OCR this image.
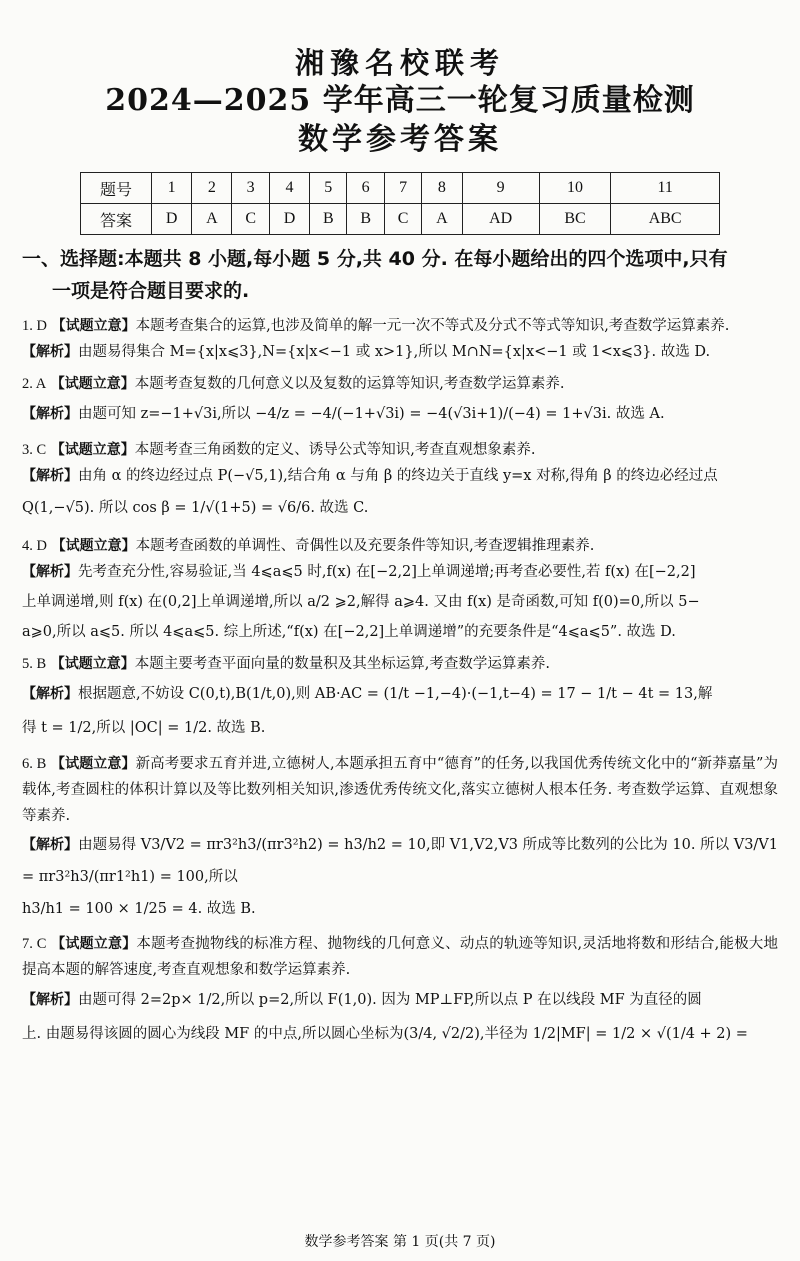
湘豫名校联考
2024—2025 学年高三一轮复习质量检测
数学参考答案
题号	1	2	3	4	5	6	7	8	9	10	11
答案	D	A	C	D	B	B	C	A	AD	BC	ABC
一、选择题:本题共 8 小题,每小题 5 分,共 40 分. 在每小题给出的四个选项中,只有
一项是符合题目要求的.
1. D 【试题立意】本题考查集合的运算,也涉及简单的解一元一次不等式及分式不等式等知识,考查数学运算素养.
【解析】由题易得集合 M={x|x⩽3},N={x|x<−1 或 x>1},所以 M∩N={x|x<−1 或 1<x⩽3}. 故选 D.
2. A 【试题立意】本题考查复数的几何意义以及复数的运算等知识,考查数学运算素养.
【解析】由题可知 z=−1+√3i,所以 −4/z = −4/(−1+√3i) = −4(√3i+1)/(−4) = 1+√3i. 故选 A.
3. C 【试题立意】本题考查三角函数的定义、诱导公式等知识,考查直观想象素养.
【解析】由角 α 的终边经过点 P(−√5,1),结合角 α 与角 β 的终边关于直线 y=x 对称,得角 β 的终边必经过点
Q(1,−√5). 所以 cos β = 1/√(1+5) = √6/6. 故选 C.
4. D 【试题立意】本题考查函数的单调性、奇偶性以及充要条件等知识,考查逻辑推理素养.
【解析】先考查充分性,容易验证,当 4⩽a⩽5 时,f(x) 在[−2,2]上单调递增;再考查必要性,若 f(x) 在[−2,2]
上单调递增,则 f(x) 在(0,2]上单调递增,所以 a/2 ⩾2,解得 a⩾4. 又由 f(x) 是奇函数,可知 f(0)=0,所以 5−
a⩾0,所以 a⩽5. 所以 4⩽a⩽5. 综上所述,“f(x) 在[−2,2]上单调递增”的充要条件是“4⩽a⩽5”. 故选 D.
5. B 【试题立意】本题主要考查平面向量的数量积及其坐标运算,考查数学运算素养.
【解析】根据题意,不妨设 C(0,t),B(1/t,0),则 AB·AC = (1/t −1,−4)·(−1,t−4) = 17 − 1/t − 4t = 13,解
得 t = 1/2,所以 |OC| = 1/2. 故选 B.
6. B 【试题立意】新高考要求五育并进,立德树人,本题承担五育中“德育”的任务,以我国优秀传统文化中的“新莽嘉量”为载体,考查圆柱的体积计算以及等比数列相关知识,渗透优秀传统文化,落实立德树人根本任务. 考查数学运算、直观想象等素养.
【解析】由题易得 V3/V2 = πr3²h3/(πr3²h2) = h3/h2 = 10,即 V1,V2,V3 所成等比数列的公比为 10. 所以 V3/V1 = πr3²h3/(πr1²h1) = 100,所以
h3/h1 = 100 × 1/25 = 4. 故选 B.
7. C 【试题立意】本题考查抛物线的标准方程、抛物线的几何意义、动点的轨迹等知识,灵活地将数和形结合,能极大地提高本题的解答速度,考查直观想象和数学运算素养.
【解析】由题可得 2=2p× 1/2,所以 p=2,所以 F(1,0). 因为 MP⊥FP,所以点 P 在以线段 MF 为直径的圆
上. 由题易得该圆的圆心为线段 MF 的中点,所以圆心坐标为(3/4, √2/2),半径为 1/2|MF| = 1/2 × √(1/4 + 2) =
数学参考答案 第 1 页(共 7 页)
